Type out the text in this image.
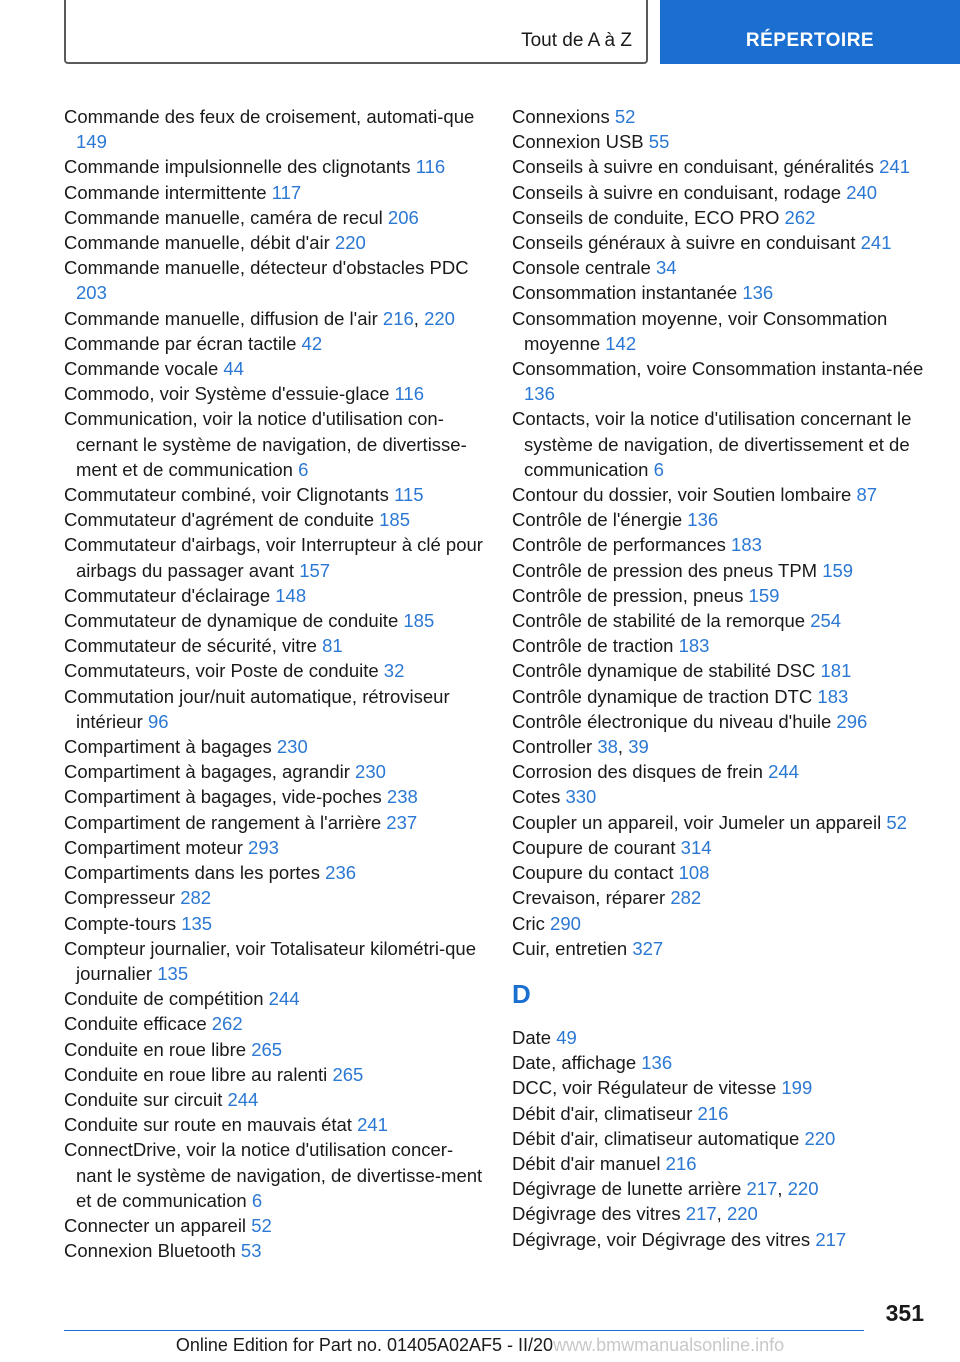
Tout de A à Z	RÉPERTOIRE

Commande des feux de croisement, automati-que 149

Commande impulsionnelle des clignotants 116

Commande intermittente 117

Commande manuelle, caméra de recul 206

Commande manuelle, débit d'air 220

Commande manuelle, détecteur d'obstacles PDC 203

Commande manuelle, diffusion de l'air 216, 220

Commande par écran tactile 42

Commande vocale 44

Commodo, voir Système d'essuie-glace 116

Communication, voir la notice d'utilisation con-cernant le système de navigation, de divertisse-ment et de communication 6

Commutateur combiné, voir Clignotants 115

Commutateur d'agrément de conduite 185

Commutateur d'airbags, voir Interrupteur à clé pour airbags du passager avant 157

Commutateur d'éclairage 148

Commutateur de dynamique de conduite 185

Commutateur de sécurité, vitre 81

Commutateurs, voir Poste de conduite 32

Commutation jour/nuit automatique, rétroviseur intérieur 96

Compartiment à bagages 230

Compartiment à bagages, agrandir 230

Compartiment à bagages, vide-poches 238

Compartiment de rangement à l'arrière 237

Compartiment moteur 293

Compartiments dans les portes 236

Compresseur 282

Compte-tours 135

Compteur journalier, voir Totalisateur kilométri-que journalier 135

Conduite de compétition 244

Conduite efficace 262

Conduite en roue libre 265

Conduite en roue libre au ralenti 265

Conduite sur circuit 244

Conduite sur route en mauvais état 241

ConnectDrive, voir la notice d'utilisation concer-nant le système de navigation, de divertisse-ment et de communication 6

Connecter un appareil 52

Connexion Bluetooth 53

Connexions 52

Connexion USB 55

Conseils à suivre en conduisant, généralités 241

Conseils à suivre en conduisant, rodage 240

Conseils de conduite, ECO PRO 262

Conseils généraux à suivre en conduisant 241

Console centrale 34

Consommation instantanée 136

Consommation moyenne, voir Consommation moyenne 142

Consommation, voire Consommation instanta-née 136

Contacts, voir la notice d'utilisation concernant le système de navigation, de divertissement et de communication 6

Contour du dossier, voir Soutien lombaire 87

Contrôle de l'énergie 136

Contrôle de performances 183

Contrôle de pression des pneus TPM 159

Contrôle de pression, pneus 159

Contrôle de stabilité de la remorque 254

Contrôle de traction 183

Contrôle dynamique de stabilité DSC 181

Contrôle dynamique de traction DTC 183

Contrôle électronique du niveau d'huile 296

Controller 38, 39

Corrosion des disques de frein 244

Cotes 330

Coupler un appareil, voir Jumeler un appareil 52

Coupure de courant 314

Coupure du contact 108

Crevaison, réparer 282

Cric 290

Cuir, entretien 327

D

Date 49

Date, affichage 136

DCC, voir Régulateur de vitesse 199

Débit d'air, climatiseur 216

Débit d'air, climatiseur automatique 220

Débit d'air manuel 216

Dégivrage de lunette arrière 217, 220

Dégivrage des vitres 217, 220

Dégivrage, voir Dégivrage des vitres 217

351
Online Edition for Part no. 01405A02AF5 - II/20www.bmwmanualsonline.info
